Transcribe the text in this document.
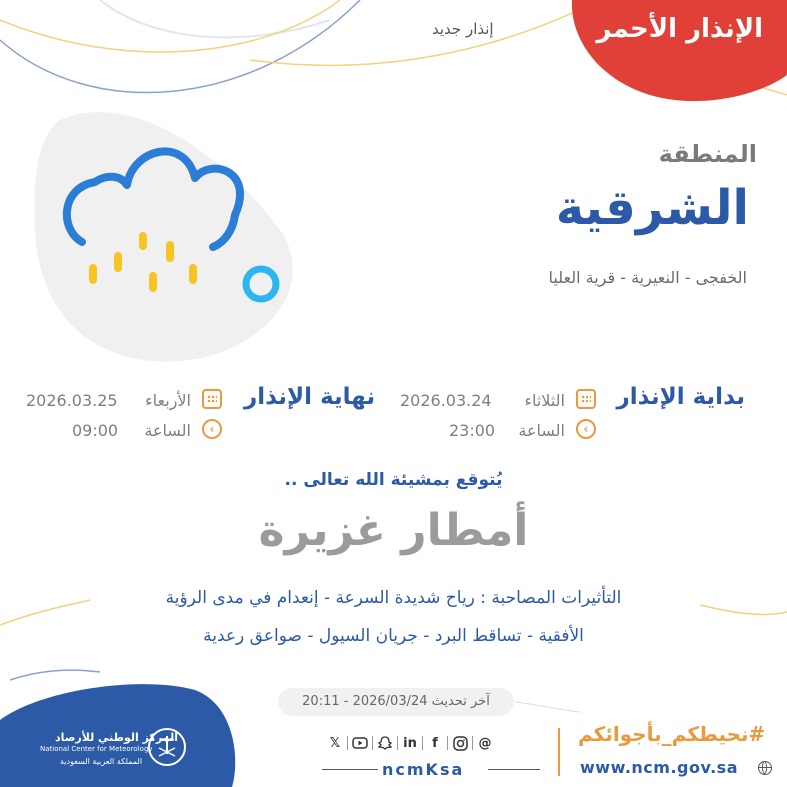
الإنذار الأحمر
إنذار جديد
المنطقة
الشرقية
الخفجى - النعيرية - قرية العليا
بداية الإنذار
الثلاثاء
2026.03.24
‹
الساعة
23:00
نهاية الإنذار
الأربعاء
2026.03.25
‹
الساعة
09:00
يُتوقع بمشيئة الله تعالى ..
أمطار غزيرة
التأثيرات المصاحبة : رياح شديدة السرعة - إنعدام في مدى الرؤية
الأفقية - تساقط البرد - جريان السيول - صواعق رعدية
آخر تحديث 2026/03/24 - 20:11
المركز الوطني للأرصاد
National Center for Meteorology
المملكة العربية السعودية
𝕏	in	f	@
ncmKsa
#نحيطكم_بأجوائكم
www.ncm.gov.sa
